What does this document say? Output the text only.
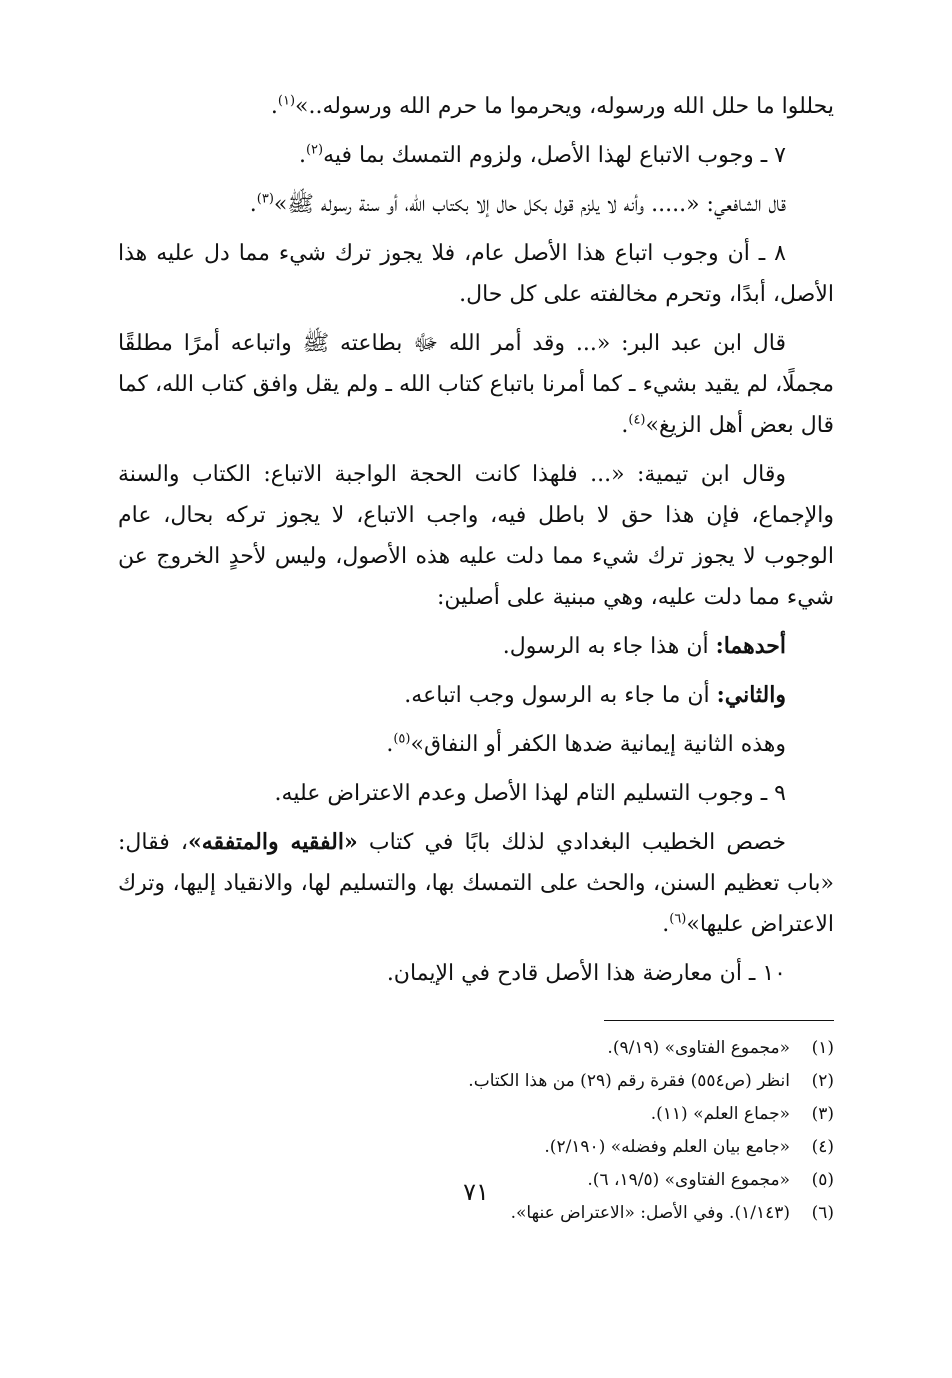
يحللوا ما حلل الله ورسوله، ويحرموا ما حرم الله ورسوله..»$^{(١)}$.

٧ ـ وجوب الاتباع لهذا الأصل، ولزوم التمسك بما فيه$^{(٢)}$.

قال الشافعي: «..... وأنه لا يلزم قول بكل حال إلا بكتاب الله، أو سنة رسوله ﷺ»$^{(٣)}$.

٨ ـ أن وجوب اتباع هذا الأصل عام، فلا يجوز ترك شيء مما دل عليه هذا الأصل، أبدًا، وتحرم مخالفته على كل حال.

قال ابن عبد البر: «... وقد أمر الله ﷻ بطاعته ﷺ واتباعه أمرًا مطلقًا مجملًا، لم يقيد بشيء ـ كما أمرنا باتباع كتاب الله ـ ولم يقل وافق كتاب الله، كما قال بعض أهل الزيغ»$^{(٤)}$.

وقال ابن تيمية: «... فلهذا كانت الحجة الواجبة الاتباع: الكتاب والسنة والإجماع، فإن هذا حق لا باطل فيه، واجب الاتباع، لا يجوز تركه بحال، عام الوجوب لا يجوز ترك شيء مما دلت عليه هذه الأصول، وليس لأحدٍ الخروج عن شيء مما دلت عليه، وهي مبنية على أصلين:

أحدهما: أن هذا جاء به الرسول.

والثاني: أن ما جاء به الرسول وجب اتباعه.

وهذه الثانية إيمانية ضدها الكفر أو النفاق»$^{(٥)}$.

٩ ـ وجوب التسليم التام لهذا الأصل وعدم الاعتراض عليه.

خصص الخطيب البغدادي لذلك بابًا في كتاب «الفقيه والمتفقه»، فقال: «باب تعظيم السنن، والحث على التمسك بها، والتسليم لها، والانقياد إليها، وترك الاعتراض عليها»$^{(٦)}$.

١٠ ـ أن معارضة هذا الأصل قادح في الإيمان.

(١)
«مجموع الفتاوى» (٩/١٩).
(٢)
انظر (ص٥٥٤) فقرة رقم (٢٩) من هذا الكتاب.
(٣)
«جماع العلم» (١١).
(٤)
«جامع بيان العلم وفضله» (٢/١٩٠).
(٥)
«مجموع الفتاوى» (١٩/٥، ٦).
(٦)
(١/١٤٣). وفي الأصل: «الاعتراض عنها».
٧١
